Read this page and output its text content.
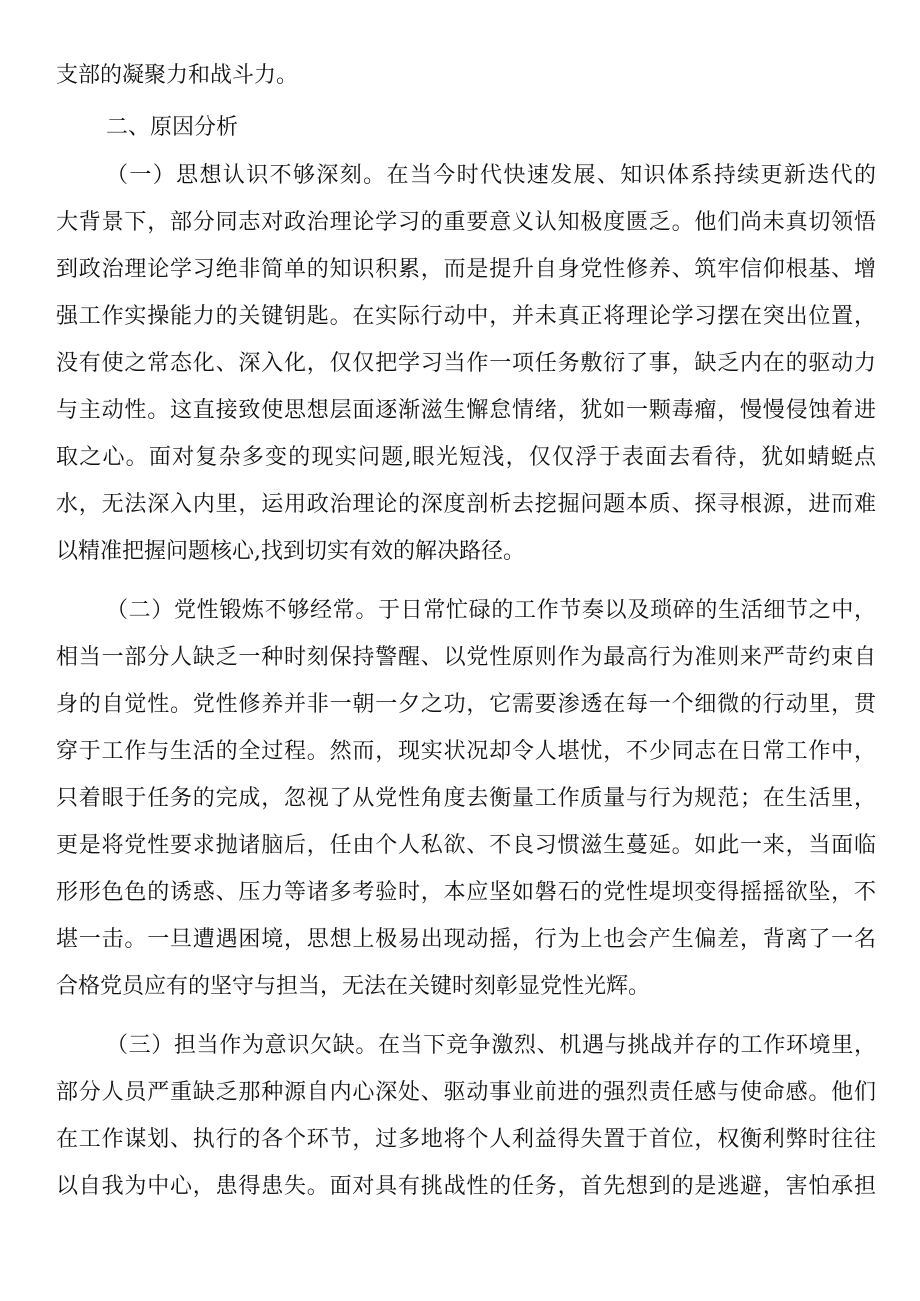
支部的凝聚力和战斗力。
二、原因分析
（一）思想认识不够深刻。在当今时代快速发展、知识体系持续更新迭代的
大背景下，部分同志对政治理论学习的重要意义认知极度匮乏。他们尚未真切领悟
到政治理论学习绝非简单的知识积累，而是提升自身党性修养、筑牢信仰根基、增
强工作实操能力的关键钥匙。在实际行动中，并未真正将理论学习摆在突出位置，
没有使之常态化、深入化，仅仅把学习当作一项任务敷衍了事，缺乏内在的驱动力
与主动性。这直接致使思想层面逐渐滋生懈怠情绪，犹如一颗毒瘤，慢慢侵蚀着进
取之心。面对复杂多变的现实问题,眼光短浅，仅仅浮于表面去看待，犹如蜻蜓点
水，无法深入内里，运用政治理论的深度剖析去挖掘问题本质、探寻根源，进而难
以精准把握问题核心,找到切实有效的解决路径。
（二）党性锻炼不够经常。于日常忙碌的工作节奏以及琐碎的生活细节之中，
相当一部分人缺乏一种时刻保持警醒、以党性原则作为最高行为准则来严苛约束自
身的自觉性。党性修养并非一朝一夕之功，它需要渗透在每一个细微的行动里，贯
穿于工作与生活的全过程。然而，现实状况却令人堪忧，不少同志在日常工作中，
只着眼于任务的完成，忽视了从党性角度去衡量工作质量与行为规范；在生活里，
更是将党性要求抛诸脑后，任由个人私欲、不良习惯滋生蔓延。如此一来，当面临
形形色色的诱惑、压力等诸多考验时，本应坚如磐石的党性堤坝变得摇摇欲坠，不
堪一击。一旦遭遇困境，思想上极易出现动摇，行为上也会产生偏差，背离了一名
合格党员应有的坚守与担当，无法在关键时刻彰显党性光辉。
（三）担当作为意识欠缺。在当下竞争激烈、机遇与挑战并存的工作环境里，
部分人员严重缺乏那种源自内心深处、驱动事业前进的强烈责任感与使命感。他们
在工作谋划、执行的各个环节，过多地将个人利益得失置于首位，权衡利弊时往往
以自我为中心，患得患失。面对具有挑战性的任务，首先想到的是逃避，害怕承担
